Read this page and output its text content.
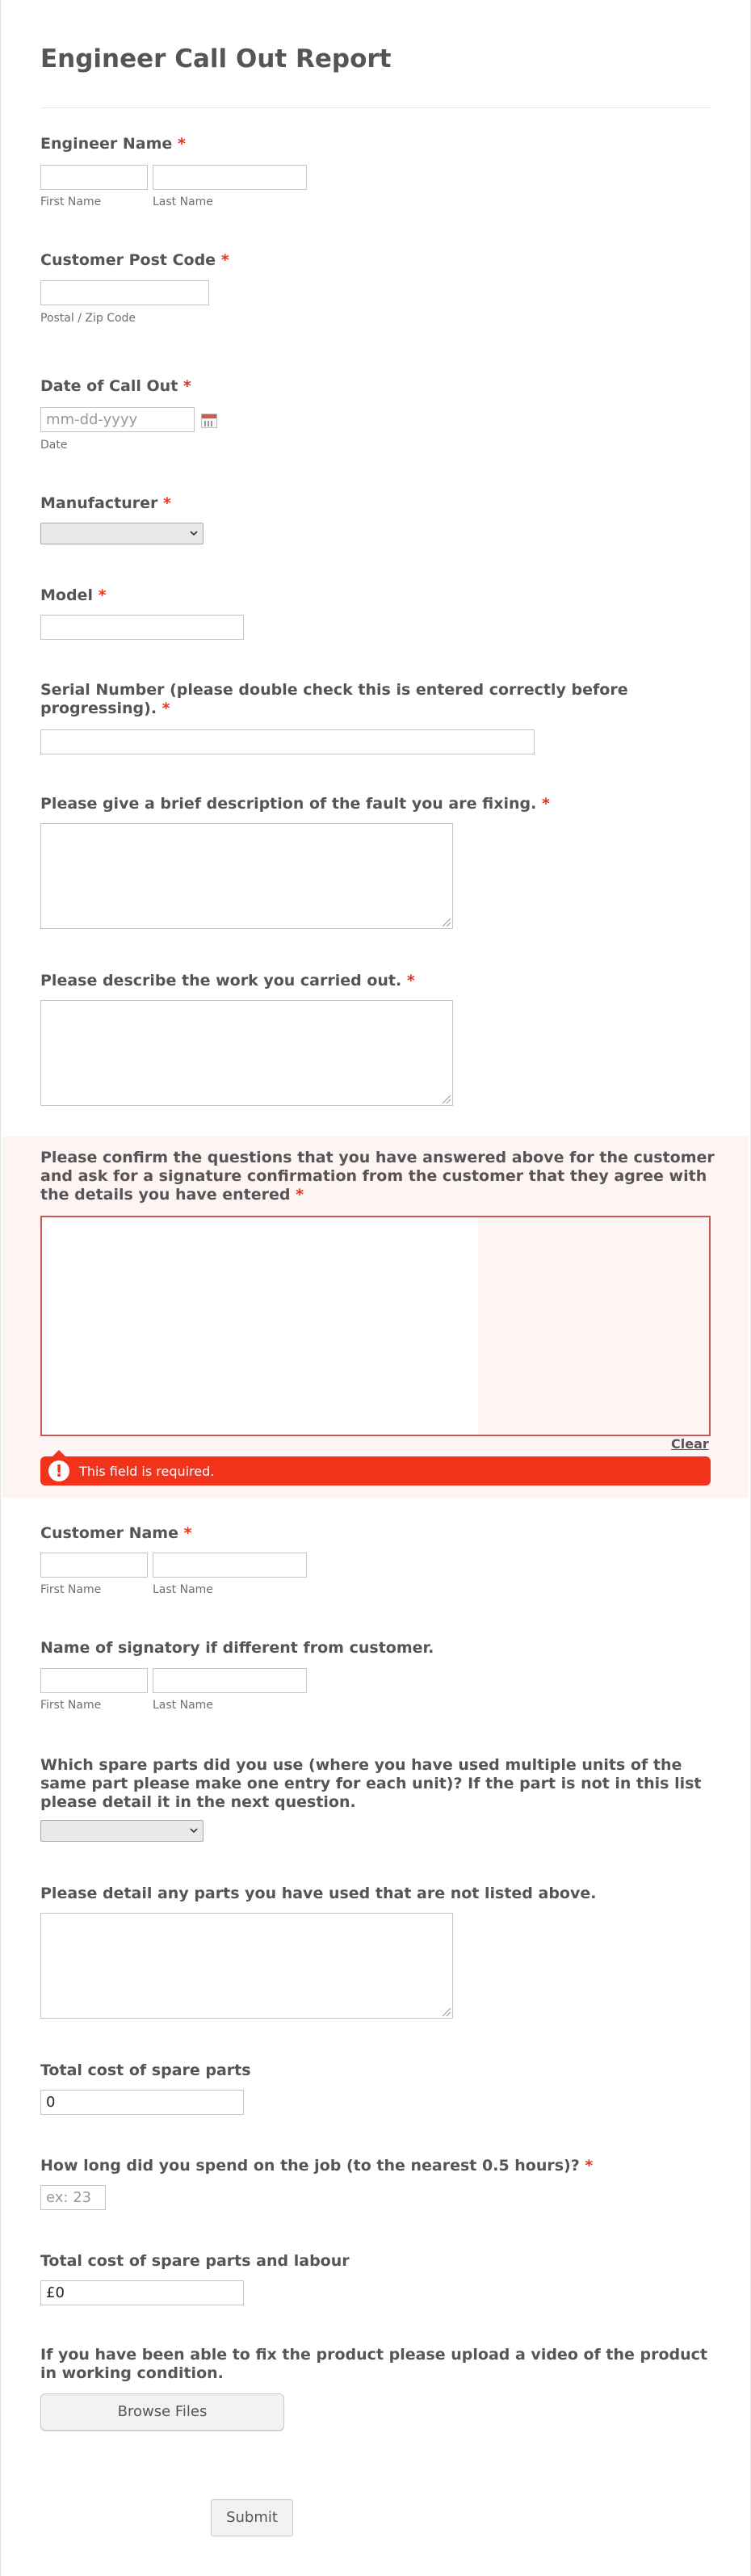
Engineer Call Out Report
Engineer Name *
First Name	Last Name
Customer Post Code *
Postal / Zip Code
Date of Call Out *
mm-dd-yyyy
Date
Manufacturer *
Model *
Serial Number (please double check this is entered correctly before
progressing). *
Please give a brief description of the fault you are fixing. *
Please describe the work you carried out. *
Please confirm the questions that you have answered above for the customer
and ask for a signature confirmation from the customer that they agree with
the details you have entered *
Clear
!	This field is required.
Customer Name *
First Name	Last Name
Name of signatory if different from customer.
First Name	Last Name
Which spare parts did you use (where you have used multiple units of the
same part please make one entry for each unit)? If the part is not in this list
please detail it in the next question.
Please detail any parts you have used that are not listed above.
Total cost of spare parts
0
How long did you spend on the job (to the nearest 0.5 hours)? *
ex: 23
Total cost of spare parts and labour
£0
If you have been able to fix the product please upload a video of the product
in working condition.
Browse Files
Submit
